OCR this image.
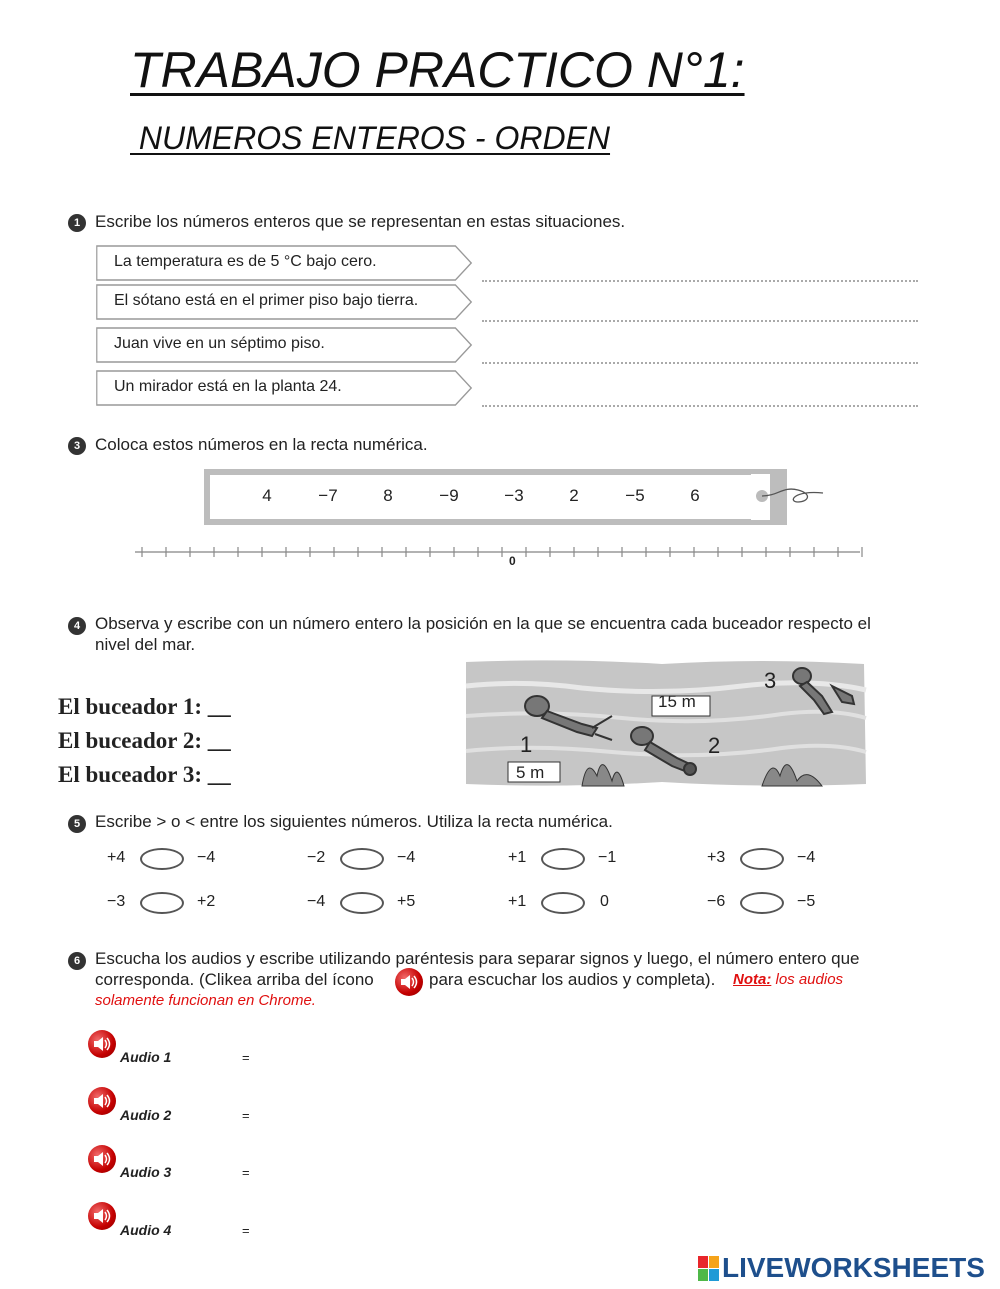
TRABAJO PRACTICO N°1:
NUMEROS ENTEROS - ORDEN
1 Escribe los números enteros que se representan en estas situaciones.
La temperatura es de 5 °C bajo cero.
El sótano está en el primer piso bajo tierra.
Juan vive en un séptimo piso.
Un mirador está en la planta 24.
3 Coloca estos números en la recta numérica.
4	−7	8	−9	−3	2	−5	6
0
4 Observa y escribe con un número entero la posición en la que se encuentra cada buceador respecto el
nivel del mar.
El buceador 1: __
El buceador 2: __
El buceador 3: __
15 m
5 m
1	2
3
5 Escribe > o < entre los siguientes números. Utiliza la recta numérica.
+4	−4	−2	−4	+1	−1	+3	−4
−3	+2	−4	+5	+1	0	−6	−5
6 Escucha los audios y escribe utilizando paréntesis para separar signos y luego, el número entero que
corresponda. (Clikea arriba del ícono	para escuchar los audios y completa). Nota: los audios
solamente funcionan en Chrome.
Audio 1	=
Audio 2	=
Audio 3	=
Audio 4	=
LIVEWORKSHEETS
